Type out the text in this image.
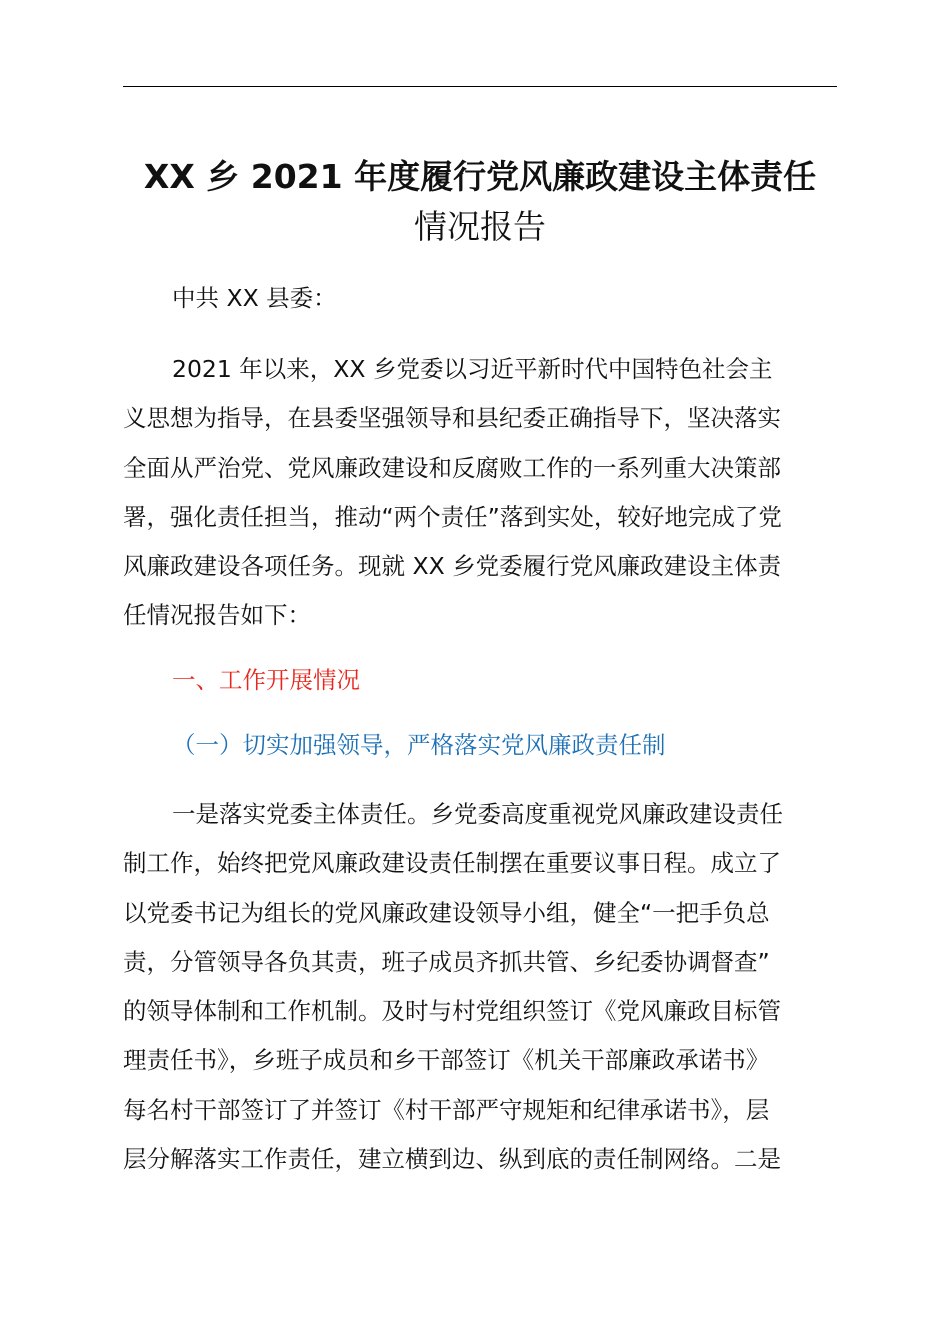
XX 乡 2021 年度履行党风廉政建设主体责任
情况报告

中共 XX 县委：

2021 年以来，XX 乡党委以习近平新时代中国特色社会主
义思想为指导，在县委坚强领导和县纪委正确指导下，坚决落实
全面从严治党、党风廉政建设和反腐败工作的一系列重大决策部
署，强化责任担当，推动“两个责任”落到实处，较好地完成了党
风廉政建设各项任务。现就 XX 乡党委履行党风廉政建设主体责
任情况报告如下：

一、工作开展情况

（一）切实加强领导，严格落实党风廉政责任制

一是落实党委主体责任。乡党委高度重视党风廉政建设责任
制工作，始终把党风廉政建设责任制摆在重要议事日程。成立了
以党委书记为组长的党风廉政建设领导小组，健全“一把手负总
责，分管领导各负其责，班子成员齐抓共管、乡纪委协调督查”
的领导体制和工作机制。及时与村党组织签订《党风廉政目标管
理责任书》，乡班子成员和乡干部签订《机关干部廉政承诺书》
每名村干部签订了并签订《村干部严守规矩和纪律承诺书》，层
层分解落实工作责任，建立横到边、纵到底的责任制网络。二是
